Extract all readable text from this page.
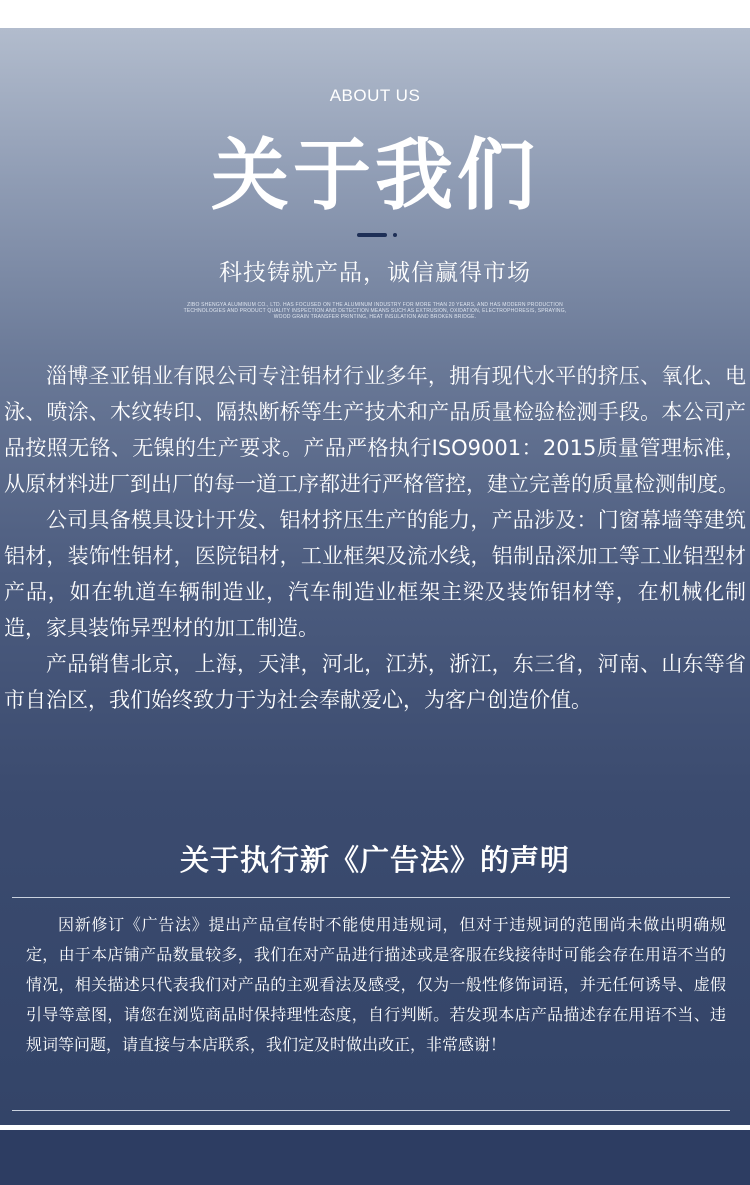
ABOUT US
关于我们
科技铸就产品，诚信赢得市场
ZIBO SHENGYA ALUMINUM CO., LTD. HAS FOCUSED ON THE ALUMINUM INDUSTRY FOR MORE THAN 20 YEARS, AND HAS MODERN PRODUCTION TECHNOLOGIES AND PRODUCT QUALITY INSPECTION AND DETECTION MEANS SUCH AS EXTRUSION, OXIDATION, ELECTROPHORESIS, SPRAYING, WOOD GRAIN TRANSFER PRINTING, HEAT INSULATION AND BROKEN BRIDGE.

淄博圣亚铝业有限公司专注铝材行业多年，拥有现代水平的挤压、氧化、电泳、喷涂、木纹转印、隔热断桥等生产技术和产品质量检验检测手段。本公司产品按照无铬、无镍的生产要求。产品严格执行ISO9001：2015质量管理标准，从原材料进厂到出厂的每一道工序都进行严格管控，建立完善的质量检测制度。

公司具备模具设计开发、铝材挤压生产的能力，产品涉及：门窗幕墙等建筑铝材，装饰性铝材，医院铝材，工业框架及流水线，铝制品深加工等工业铝型材产品，如在轨道车辆制造业，汽车制造业框架主梁及装饰铝材等，在机械化制造，家具装饰异型材的加工制造。

产品销售北京，上海，天津，河北，江苏，浙江，东三省，河南、山东等省市自治区，我们始终致力于为社会奉献爱心，为客户创造价值。

关于执行新《广告法》的声明

因新修订《广告法》提出产品宣传时不能使用违规词，但对于违规词的范围尚未做出明确规定，由于本店铺产品数量较多，我们在对产品进行描述或是客服在线接待时可能会存在用语不当的情况，相关描述只代表我们对产品的主观看法及感受，仅为一般性修饰词语，并无任何诱导、虚假引导等意图，请您在浏览商品时保持理性态度，自行判断。若发现本店产品描述存在用语不当、违规词等问题，请直接与本店联系，我们定及时做出改正，非常感谢！
